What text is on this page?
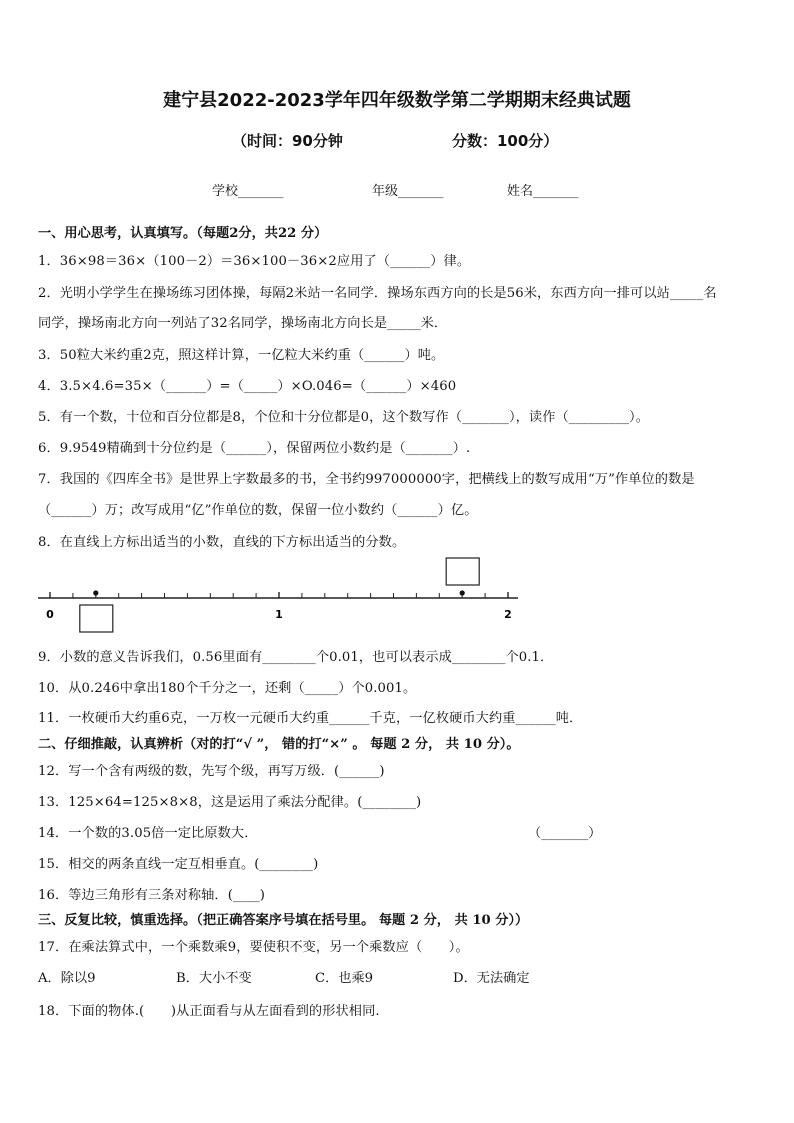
建宁县2022-2023学年四年级数学第二学期期末经典试题
（时间：90分钟	分数：100分）
学校_______	年级_______	姓名_______
一、用心思考，认真填写。（每题2分，共22 分）
1．36×98＝36×（100－2）＝36×100－36×2应用了（______）律。
2．光明小学学生在操场练习团体操，每隔2米站一名同学．操场东西方向的长是56米，东西方向一排可以站_____名
同学，操场南北方向一列站了32名同学，操场南北方向长是_____米．
3．50粒大米约重2克，照这样计算，一亿粒大米约重（______）吨。
4．3.5×4.6=35×（______）=（_____）×O.046=（______）×460
5．有一个数，十位和百分位都是8，个位和十分位都是0，这个数写作（_______），读作（_________）。
6．9.9549精确到十分位约是（______），保留两位小数约是（_______）.
7．我国的《四库全书》是世界上字数最多的书，全书约997000000字，把横线上的数写成用“万”作单位的数是
（______）万；改写成用“亿”作单位的数，保留一位小数约（______）亿。
8．在直线上方标出适当的小数，直线的下方标出适当的分数。
0	1	2
9．小数的意义告诉我们，0.56里面有________个0.01，也可以表示成________个0.1．
10．从0.246中拿出180个千分之一，还剩（_____）个0.001。
11．一枚硬币大约重6克，一万枚一元硬币大约重______千克，一亿枚硬币大约重______吨．
二、仔细推敲，认真辨析（对的打“√ ”， 错的打“×” 。 每题 2 分， 共 10 分）。
12．写一个含有两级的数，先写个级，再写万级．(______)
13．125×64=125×8×8，这是运用了乘法分配律。(________)
14．一个数的3.05倍一定比原数大．	（_______）
15．相交的两条直线一定互相垂直。(________)
16．等边三角形有三条对称轴．(____)
三、反复比较，慎重选择。（把正确答案序号填在括号里。 每题 2 分， 共 10 分））
17．在乘法算式中，一个乘数乘9，要使积不变，另一个乘数应（　　）。
A．除以9	B．大小不变	C．也乘9	D．无法确定
18．下面的物体.(　　)从正面看与从左面看到的形状相同.
